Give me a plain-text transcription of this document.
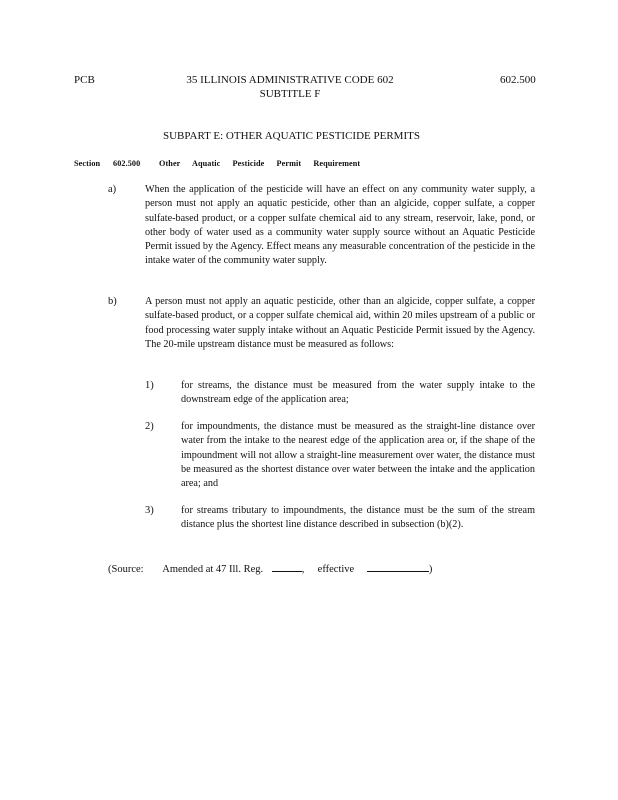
PCB	35 ILLINOIS ADMINISTRATIVE CODE 602
SUBTITLE F
602.500
SUBPART E: OTHER AQUATIC PESTICIDE PERMITS
Section 602.500 Other Aquatic Pesticide Permit Requirement
a)	When the application of the pesticide will have an effect on any community water supply, a person must not apply an aquatic pesticide, other than an algicide, copper sulfate, a copper sulfate-based product, or a copper sulfate chemical aid to any stream, reservoir, lake, pond, or other body of water used as a community water supply source without an Aquatic Pesticide Permit issued by the Agency. Effect means any measurable concentration of the pesticide in the intake water of the community water supply.

b)	A person must not apply an aquatic pesticide, other than an algicide, copper sulfate, a copper sulfate-based product, or a copper sulfate chemical aid, within 20 miles upstream of a public or food processing water supply intake without an Aquatic Pesticide Permit issued by the Agency. The 20-mile upstream distance must be measured as follows:

1)	for streams, the distance must be measured from the water supply intake to the downstream edge of the application area;

2)	for impoundments, the distance must be measured as the straight-line distance over water from the intake to the nearest edge of the application area or, if the shape of the impoundment will not allow a straight-line measurement over water, the distance must be measured as the shortest distance over water between the intake and the application area; and

3)	for streams tributary to impoundments, the distance must be the sum of the stream distance plus the shortest line distance described in subsection (b)(2).

(Source: Amended at 47 Ill. Reg.	, effective	)
